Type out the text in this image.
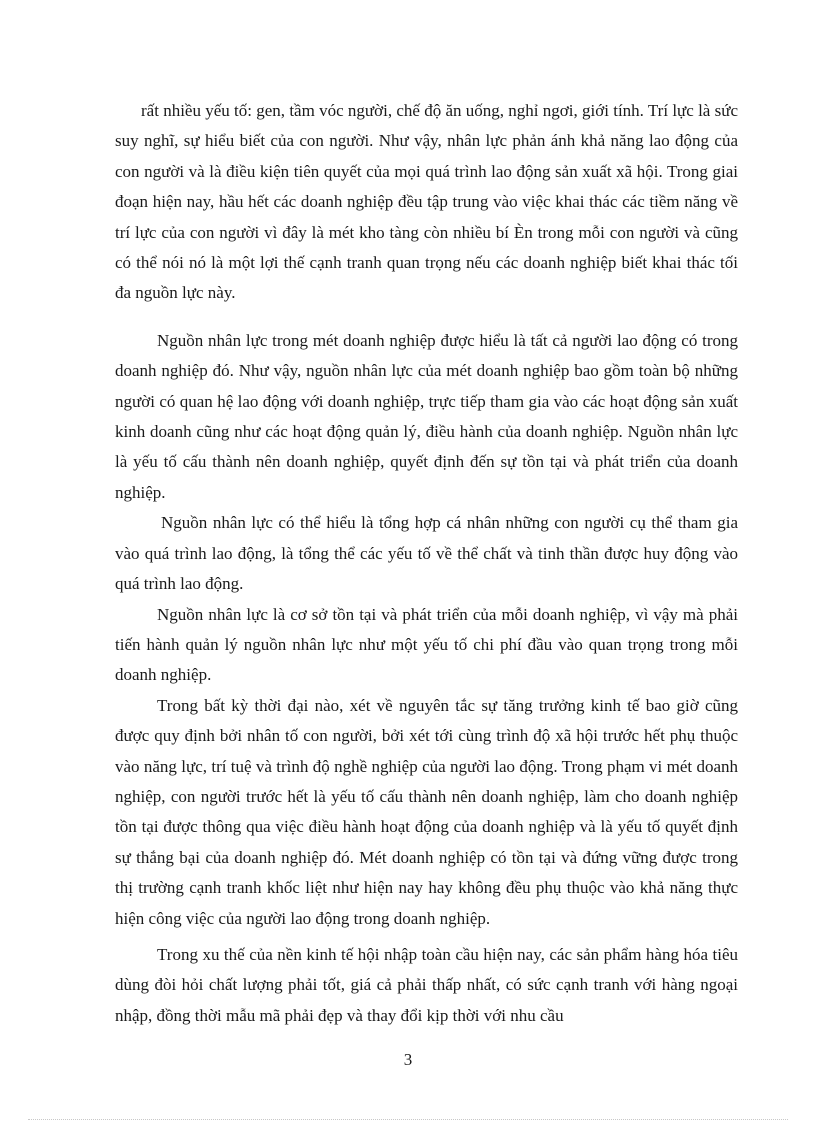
rất nhiều yếu tố: gen, tầm vóc người, chế độ ăn uống, nghỉ ngơi, giới tính. Trí lực là sức suy nghĩ, sự hiểu biết của con người. Như vậy, nhân lực phản ánh khả năng lao động của con người và là điều kiện tiên quyết của mọi quá trình lao động sản xuất xã hội. Trong giai đoạn hiện nay, hầu hết các doanh nghiệp đều tập trung vào việc khai thác các tiềm năng về trí lực của con người vì đây là mét kho tàng còn nhiều bí Èn trong mỗi con người và cũng có thể nói nó là một lợi thế cạnh tranh quan trọng nếu các doanh nghiệp biết khai thác tối đa nguồn lực này.

Nguồn nhân lực trong mét doanh nghiệp được hiểu là tất cả người lao động có trong doanh nghiệp đó. Như vậy, nguồn nhân lực của mét doanh nghiệp bao gồm toàn bộ những người có quan hệ lao động với doanh nghiệp, trực tiếp tham gia vào các hoạt động sản xuất kinh doanh cũng như các hoạt động quản lý, điều hành của doanh nghiệp. Nguồn nhân lực là yếu tố cấu thành nên doanh nghiệp, quyết định đến sự tồn tại và phát triển của doanh nghiệp.

Nguồn nhân lực có thể hiểu là tổng hợp cá nhân những con người cụ thể tham gia vào quá trình lao động, là tổng thể các yếu tố về thể chất và tinh thần được huy động vào quá trình lao động.

Nguồn nhân lực là cơ sở tồn tại và phát triển của mỗi doanh nghiệp, vì vậy mà phải tiến hành quản lý nguồn nhân lực như một yếu tố chi phí đầu vào quan trọng trong mỗi doanh nghiệp.

Trong bất kỳ thời đại nào, xét về nguyên tắc sự tăng trưởng kinh tế bao giờ cũng được quy định bởi nhân tố con người, bởi xét tới cùng trình độ xã hội trước hết phụ thuộc vào năng lực, trí tuệ và trình độ nghề nghiệp của người lao động. Trong phạm vi mét doanh nghiệp, con người trước hết là yếu tố cấu thành nên doanh nghiệp, làm cho doanh nghiệp tồn tại được thông qua việc điều hành hoạt động của doanh nghiệp và là yếu tố quyết định sự thắng bại của doanh nghiệp đó. Mét doanh nghiệp có tồn tại và đứng vững được trong thị trường cạnh tranh khốc liệt như hiện nay hay không đều phụ thuộc vào khả năng thực hiện công việc của người lao động trong doanh nghiệp.

Trong xu thế của nền kinh tế hội nhập toàn cầu hiện nay, các sản phẩm hàng hóa tiêu dùng đòi hỏi chất lượng phải tốt, giá cả phải thấp nhất, có sức cạnh tranh với hàng ngoại nhập, đồng thời mẫu mã phải đẹp và thay đổi kịp thời với nhu cầu

3
